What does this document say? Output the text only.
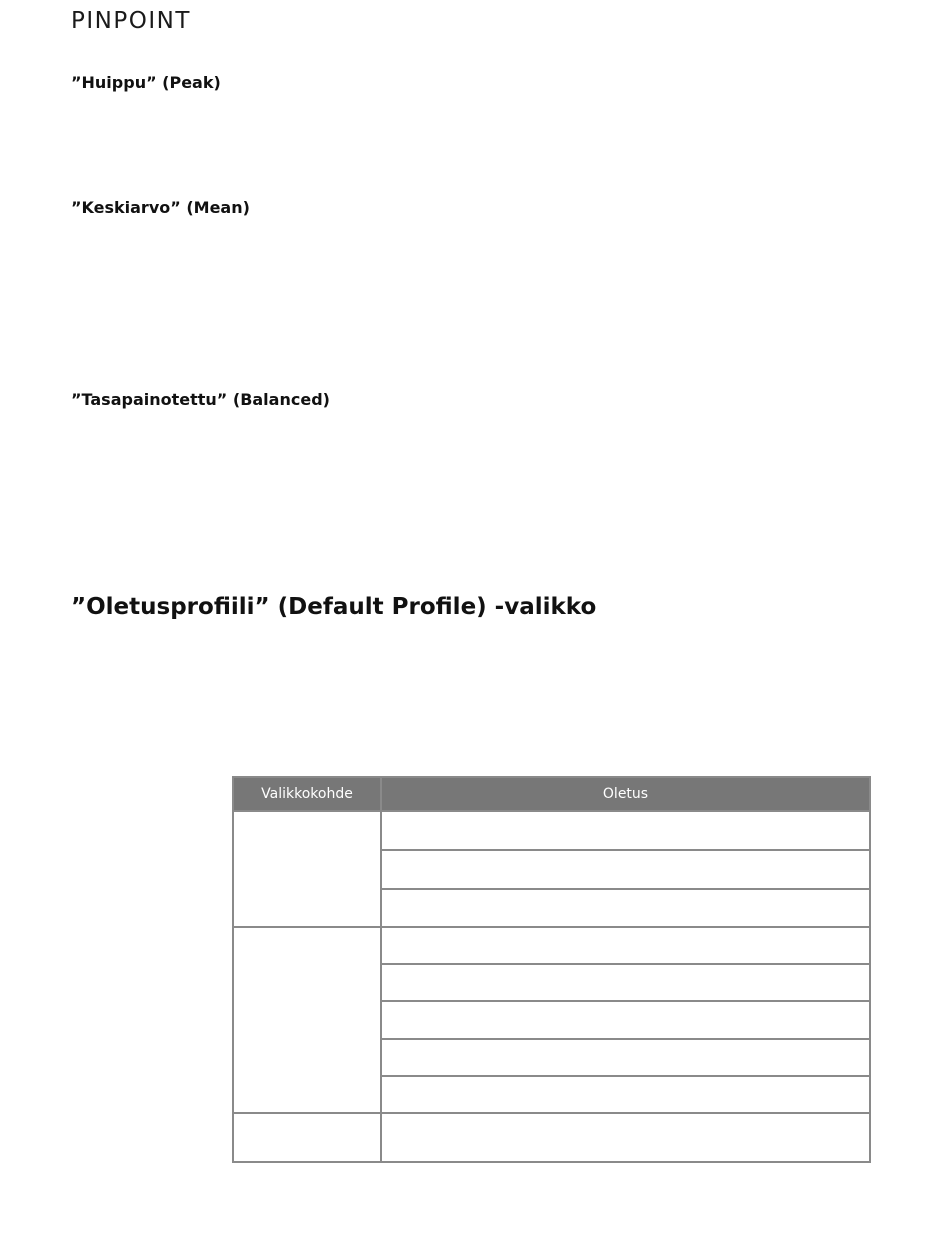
PINPOINT
”Huippu” (Peak)
”Keskiarvo” (Mean)
”Tasapainotettu” (Balanced)
”Oletusprofiili” (Default Profile) -valikko
Valikkokohde	Oletus
